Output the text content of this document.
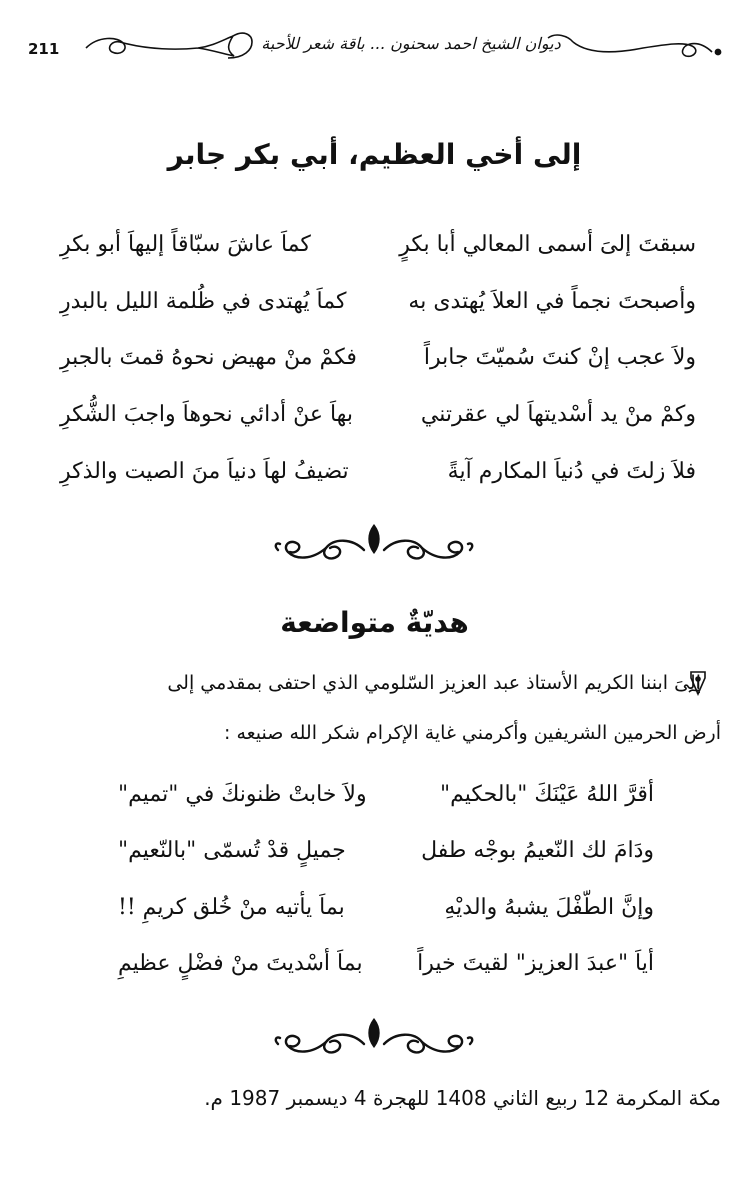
211	ديوان الشيخ احمد سحنون ... باقة شعر للأحبة
إلى أخي العظيم، أبي بكر جابر
سبقتَ إلىَ أسمى المعالي أبا بكرٍ
كماَ عاشَ سبّاقاً إليهاَ أبو بكرِ
وأصبحتَ نجماً في العلاَ يُهتدى به
كماَ يُهتدى في ظُلمة الليل بالبدرِ
ولاَ عجب إنْ كنتَ سُميّتَ جابراً
فكمْ منْ مهيض نحوهُ قمتَ بالجبرِ
وكمْ منْ يد أسْديتهاَ لي عقرتني
بهاَ عنْ أدائي نحوهاَ واجبَ الشُّكرِ
فلاَ زلتَ في دُنياَ المكارم آيةً
تضيفُ لهاَ دنياَ منَ الصيت والذكرِ
هديّةٌ متواضعة
إلىَ ابننا الكريم الأستاذ عبد العزيز السّلومي الذي احتفى بمقدمي إلى
أرض الحرمين الشريفين وأكرمني غاية الإكرام شكر الله صنيعه :
أقرَّ اللهُ عَيْنَكَ "بالحكيم"
ولاَ خابتْ ظنونكَ في "تميم"
ودَامَ لك النّعيمُ بوجْه طفل
جميلٍ قدْ تُسمّى "بالنّعيم"
وإنَّ الطّفْلَ يشبهُ والديْهِ
بماَ يأتيه منْ خُلق كريمِ !!
أياَ "عبدَ العزيز" لقيتَ خيراً
بماَ أسْديتَ منْ فضْلٍ عظيمِ
مكة المكرمة 12 ربيع الثاني 1408 للهجرة 4 ديسمبر 1987 م.
